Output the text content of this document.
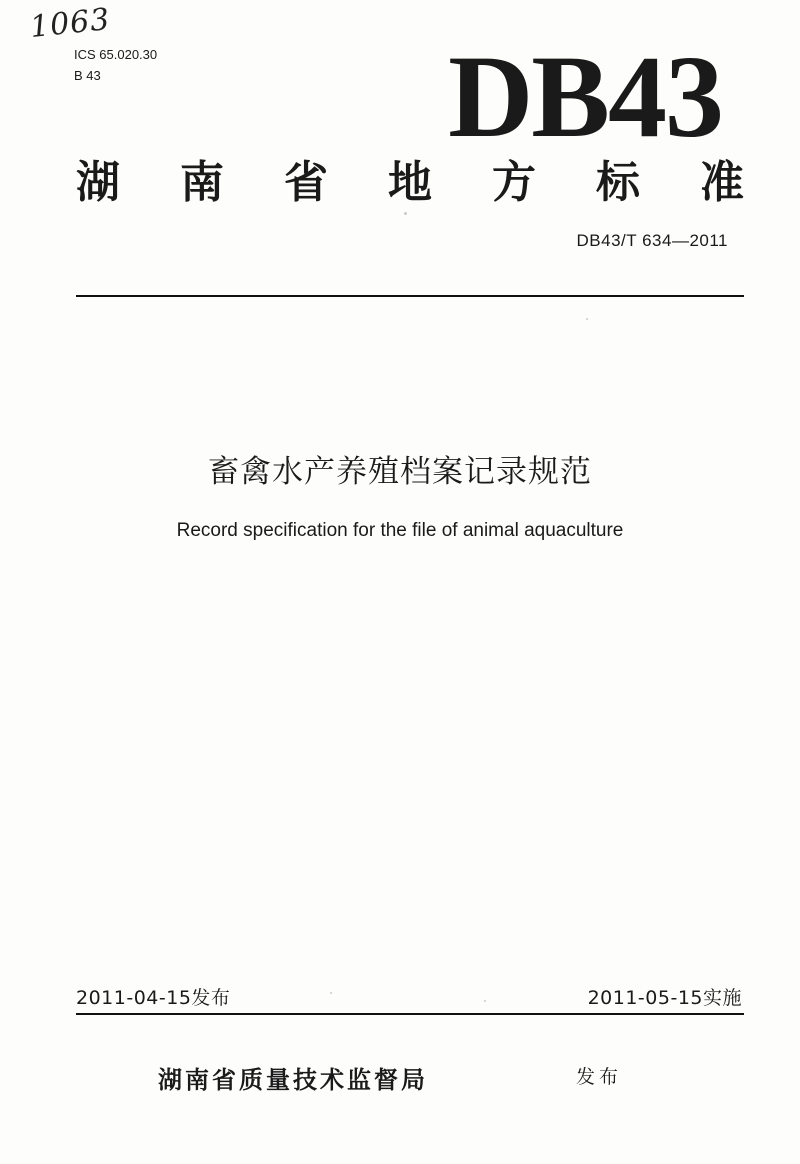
1063
ICS 65.020.30
B 43	DB43
湖 南 省 地 方 标 准
DB43/T 634—2011
畜禽水产养殖档案记录规范
Record specification for the file of animal aquaculture
2011-04-15发布	2011-05-15实施
湖南省质量技术监督局	发布
